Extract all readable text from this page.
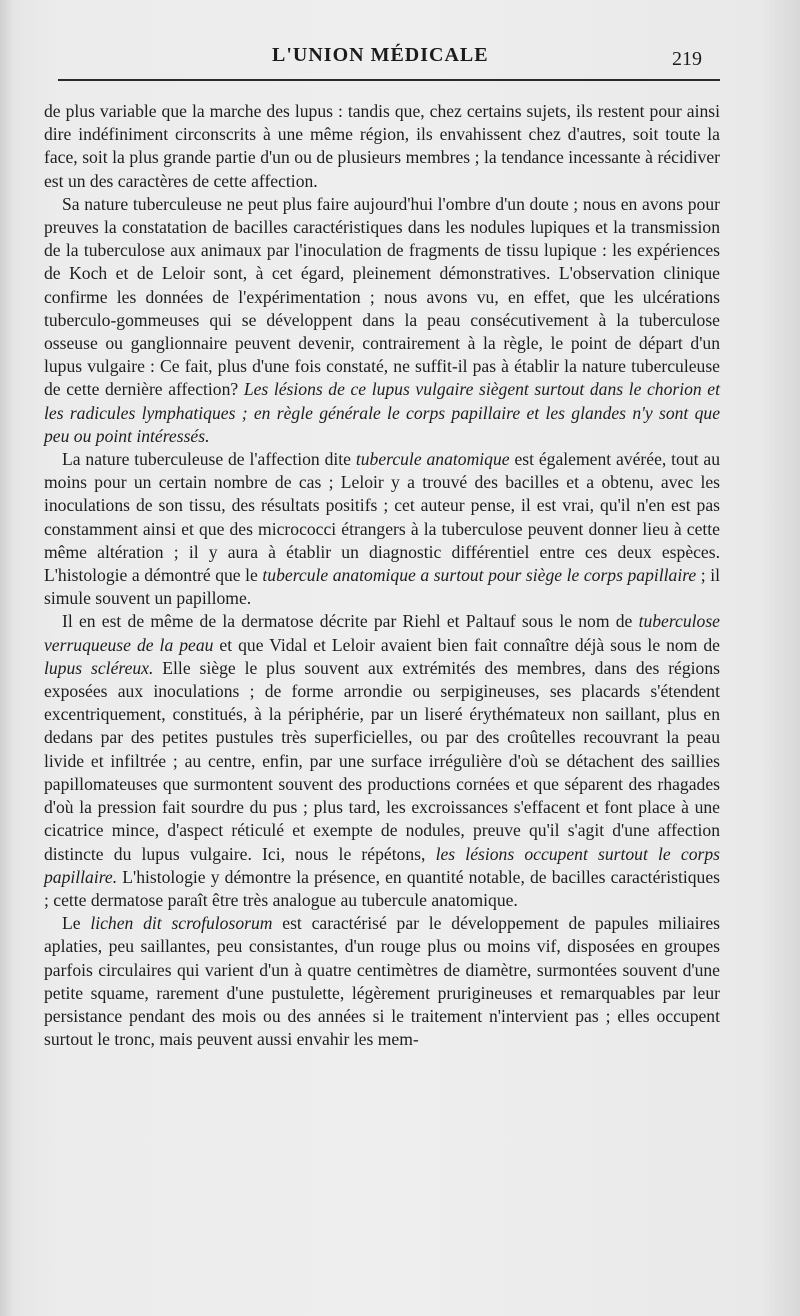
L'UNION MÉDICALE	219

de plus variable que la marche des lupus : tandis que, chez certains sujets, ils restent pour ainsi dire indéfiniment circonscrits à une même région, ils envahissent chez d'autres, soit toute la face, soit la plus grande partie d'un ou de plusieurs membres ; la tendance incessante à récidiver est un des caractères de cette affection.

Sa nature tuberculeuse ne peut plus faire aujourd'hui l'ombre d'un doute ; nous en avons pour preuves la constatation de bacilles caractéristiques dans les nodules lupiques et la transmission de la tuberculose aux animaux par l'inoculation de fragments de tissu lupique : les expériences de Koch et de Leloir sont, à cet égard, pleinement démonstratives. L'observation clinique confirme les données de l'expérimentation ; nous avons vu, en effet, que les ulcérations tuberculo-gommeuses qui se développent dans la peau consécutivement à la tuberculose osseuse ou ganglionnaire peuvent devenir, contrairement à la règle, le point de départ d'un lupus vulgaire : Ce fait, plus d'une fois constaté, ne suffit-il pas à établir la nature tuberculeuse de cette dernière affection? Les lésions de ce lupus vulgaire siègent surtout dans le chorion et les radicules lymphatiques ; en règle générale le corps papillaire et les glandes n'y sont que peu ou point intéressés.

La nature tuberculeuse de l'affection dite tubercule anatomique est également avérée, tout au moins pour un certain nombre de cas ; Leloir y a trouvé des bacilles et a obtenu, avec les inoculations de son tissu, des résultats positifs ; cet auteur pense, il est vrai, qu'il n'en est pas constamment ainsi et que des micrococci étrangers à la tuberculose peuvent donner lieu à cette même altération ; il y aura à établir un diagnostic différentiel entre ces deux espèces. L'histologie a démontré que le tubercule anatomique a surtout pour siège le corps papillaire ; il simule souvent un papillome.

Il en est de même de la dermatose décrite par Riehl et Paltauf sous le nom de tuberculose verruqueuse de la peau et que Vidal et Leloir avaient bien fait connaître déjà sous le nom de lupus scléreux. Elle siège le plus souvent aux extrémités des membres, dans des régions exposées aux inoculations ; de forme arrondie ou serpigineuses, ses placards s'étendent excentriquement, constitués, à la périphérie, par un liseré érythémateux non saillant, plus en dedans par des petites pustules très superficielles, ou par des croûtelles recouvrant la peau livide et infiltrée ; au centre, enfin, par une surface irrégulière d'où se détachent des saillies papillomateuses que surmontent souvent des productions cornées et que séparent des rhagades d'où la pression fait sourdre du pus ; plus tard, les excroissances s'effacent et font place à une cicatrice mince, d'aspect réticulé et exempte de nodules, preuve qu'il s'agit d'une affection distincte du lupus vulgaire. Ici, nous le répétons, les lésions occupent surtout le corps papillaire. L'histologie y démontre la présence, en quantité notable, de bacilles caractéristiques ; cette dermatose paraît être très analogue au tubercule anatomique.

Le lichen dit scrofulosorum est caractérisé par le développement de papules miliaires aplaties, peu saillantes, peu consistantes, d'un rouge plus ou moins vif, disposées en groupes parfois circulaires qui varient d'un à quatre centimètres de diamètre, surmontées souvent d'une petite squame, rarement d'une pustulette, légèrement prurigineuses et remarquables par leur persistance pendant des mois ou des années si le traitement n'intervient pas ; elles occupent surtout le tronc, mais peuvent aussi envahir les mem-
